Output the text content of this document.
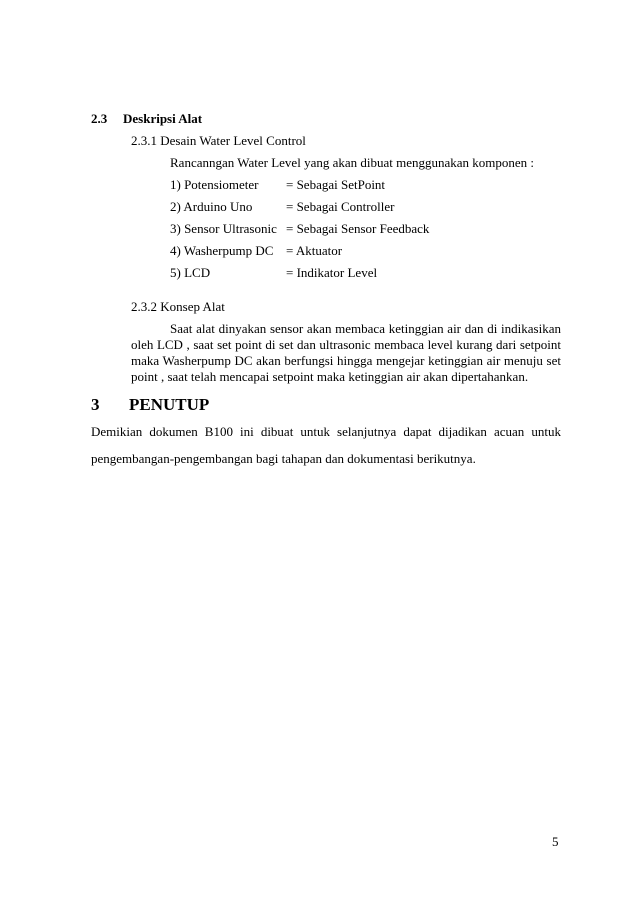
2.3 Deskripsi Alat
2.3.1 Desain Water Level Control
Rancanngan Water Level yang akan dibuat menggunakan komponen :
1) Potensiometer = Sebagai SetPoint
2) Arduino Uno	= Sebagai Controller
3) Sensor Ultrasonic = Sebagai Sensor Feedback
4) Washerpump DC = Aktuator
5) LCD	= Indikator Level
2.3.2 Konsep Alat
Saat alat dinyakan sensor akan membaca ketinggian air dan di indikasikan
oleh LCD , saat set point di set dan ultrasonic membaca level kurang dari setpoint
maka Washerpump DC akan berfungsi hingga mengejar ketinggian air menuju set
point , saat telah mencapai setpoint maka ketinggian air akan dipertahankan.
3 PENUTUP
Demikian dokumen B100 ini dibuat untuk selanjutnya dapat dijadikan acuan untuk
pengembangan-pengembangan bagi tahapan dan dokumentasi berikutnya.
5
